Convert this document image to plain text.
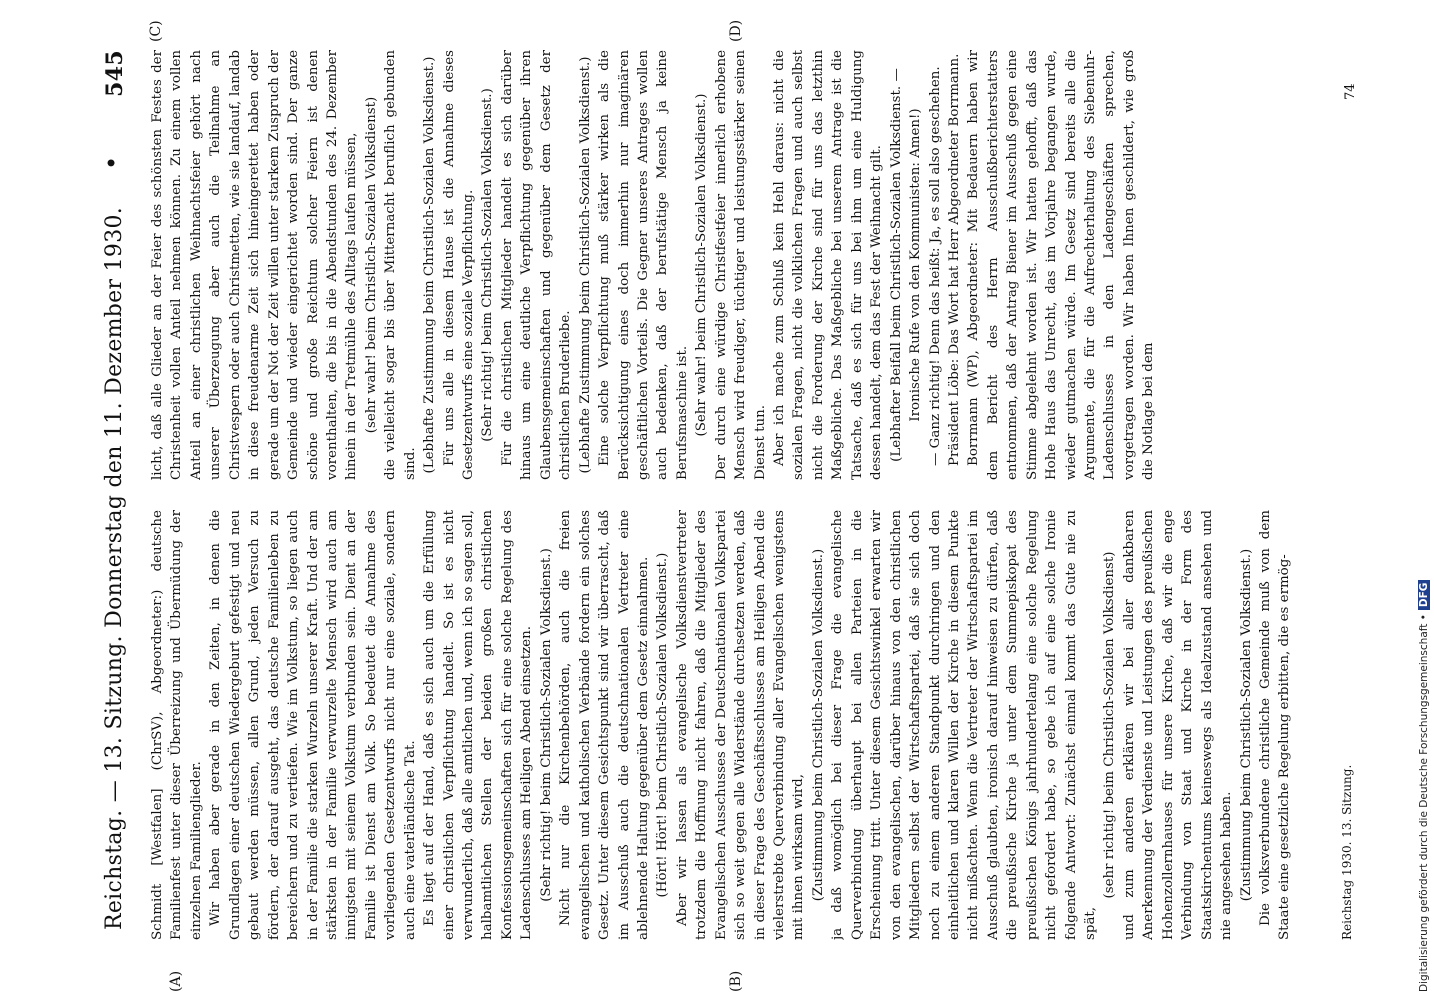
Reichstag. — 13. Sitzung. Donnerstag den 11. Dezember 1930.
•
545
(A)	(B)
(C)	(D)

Schmidt [Westfalen] (ChrSV), Abgeordneter:) deutsche Familienfest unter dieser Überreizung und Übermüdung der einzelnen Familienglieder. Wir haben aber gerade in den Zeiten, in denen die Grundlagen einer deutschen Wiedergeburt gefestigt und neu gebaut werden müssen, allen Grund, jeden Versuch zu fördern, der darauf ausgeht, das deutsche Familienleben zu bereichern und zu vertiefen. Wie im Volkstum, so liegen auch in der Familie die starken Wurzeln unserer Kraft. Und der am stärksten in der Familie verwurzelte Mensch wird auch am innigsten mit seinem Volkstum verbunden sein. Dient an der Familie ist Dienst am Volk. So bedeutet die Annahme des vorliegenden Gesetzentwurfs nicht nur eine soziale, sondern auch eine vaterländische Tat. Es liegt auf der Hand, daß es sich auch um die Erfüllung einer christlichen Verpflichtung handelt. So ist es nicht verwunderlich, daß alle amtlichen und, wenn ich so sagen soll, halbamtlichen Stellen der beiden großen christlichen Konfessionsgemeinschaften sich für eine solche Regelung des Ladenschlusses am Heiligen Abend einsetzen. (Sehr richtig! beim Christlich-Sozialen Volksdienst.) Nicht nur die Kirchenbehörden, auch die freien evangelischen und katholischen Verbände fordern ein solches Gesetz. Unter diesem Gesichtspunkt sind wir überrascht, daß im Ausschuß auch die deutschnationalen Vertreter eine ablehnende Haltung gegenüber dem Gesetz einnahmen. (Hört! Hört! beim Christlich-Sozialen Volksdienst.) Aber wir lassen als evangelische Volksdienstvertreter trotzdem die Hoffnung nicht fahren, daß die Mitglieder des Evangelischen Ausschusses der Deutschnationalen Volkspartei sich so weit gegen alle Widerstände durchsetzen werden, daß in dieser Frage des Geschäftsschlusses am Heiligen Abend die vielerstrebte Querverbindung aller Evangelischen wenigstens mit ihnen wirksam wird, (Zustimmung beim Christlich-Sozialen Volksdienst.) ja daß womöglich bei dieser Frage die evangelische Querverbindung überhaupt bei allen Parteien in die Erscheinung tritt. Unter diesem Gesichtswinkel erwarten wir von den evangelischen, darüber hinaus von den christlichen Mitgliedern selbst der Wirtschaftspartei, daß sie sich doch noch zu einem anderen Standpunkt durchringen und den einheitlichen und klaren Willen der Kirche in diesem Punkte nicht mißachten. Wenn die Vertreter der Wirtschaftspartei im Ausschuß glaubten, ironisch darauf hinweisen zu dürfen, daß die preußische Kirche ja unter dem Summepiskopat des preußischen Königs jahrhundertelang eine solche Regelung nicht gefordert habe, so gebe ich auf eine solche Ironie folgende Antwort: Zunächst einmal kommt das Gute nie zu spät,

(sehr richtig! beim Christlich-Sozialen Volksdienst) und zum anderen erklären wir bei aller dankbaren Anerkennung der Verdienste und Leistungen des preußischen Hohenzollernhauses für unsere Kirche, daß wir die enge Verbindung von Staat und Kirche in der Form des Staatskirchentums keineswegs als Idealzustand ansehen und nie angesehen haben. (Zustimmung beim Christlich-Sozialen Volksdienst.) Die volksverbundene christliche Gemeinde muß von dem Staate eine gesetzliche Regelung erbitten, die es ermög-

licht, daß alle Glieder an der Feier des schönsten Festes der Christenheit vollen Anteil nehmen können. Zu einem vollen Anteil an einer christlichen Weihnachtsfeier gehört nach unserer Überzeugung aber auch die Teilnahme an Christvespern oder auch Christmetten, wie sie landauf, landab in diese freudenarme Zeit sich hineingerettet haben oder gerade um der Not der Zeit willen unter starkem Zuspruch der Gemeinde und wieder eingerichtet worden sind. Der ganze schöne und große Reichtum solcher Feiern ist denen vorenthalten, die bis in die Abendstunden des 24. Dezember hinein in der Tretmühle des Alltags laufen müssen, (sehr wahr! beim Christlich-Sozialen Volksdienst) die vielleicht sogar bis über Mitternacht beruflich gebunden sind. (Lebhafte Zustimmung beim Christlich-Sozialen Volksdienst.) Für uns alle in diesem Hause ist die Annahme dieses Gesetzentwurfs eine soziale Verpflichtung. (Sehr richtig! beim Christlich-Sozialen Volksdienst.) Für die christlichen Mitglieder handelt es sich darüber hinaus um eine deutliche Verpflichtung gegenüber ihren Glaubensgemeinschaften und gegenüber dem Gesetz der christlichen Bruderliebe. (Lebhafte Zustimmung beim Christlich-Sozialen Volksdienst.) Eine solche Verpflichtung muß stärker wirken als die Berücksichtigung eines doch immerhin nur imaginären geschäftlichen Vorteils. Die Gegner unseres Antrages wollen auch bedenken, daß der berufstätige Mensch ja keine Berufsmaschine ist. (Sehr wahr! beim Christlich-Sozialen Volksdienst.) Der durch eine würdige Christfestfeier innerlich erhobene Mensch wird freudiger, tüchtiger und leistungsstärker seinen Dienst tun. Aber ich mache zum Schluß kein Hehl daraus: nicht die sozialen Fragen, nicht die volklichen Fragen und auch selbst nicht die Forderung der Kirche sind für uns das letzthin Maßgebliche. Das Maßgebliche bei unserem Antrage ist die Tatsache, daß es sich für uns bei ihm um eine Huldigung dessen handelt, dem das Fest der Weihnacht gilt. (Lebhafter Beifall beim Christlich-Sozialen Volksdienst. — Ironische Rufe von den Kommunisten: Amen!) — Ganz richtig! Denn das heißt: Ja, es soll also geschehen. Präsident Löbe: Das Wort hat Herr Abgeordneter Borrmann. Borrmann (WP), Abgeordneter: Mit Bedauern haben wir dem Bericht des Herrn Ausschußberichterstatters entnommen, daß der Antrag Biener im Ausschuß gegen eine Stimme abgelehnt worden ist. Wir hatten gehofft, daß das Hohe Haus das Unrecht, das im Vorjahre begangen wurde, wieder gutmachen würde. Im Gesetz sind bereits alle die Argumente, die für die Aufrechterhaltung des Siebenuhr-Ladenschlusses in den Ladengeschäften sprechen, vorgetragen worden. Wir haben Ihnen geschildert, wie groß die Notlage bei dem

Reichstag 1930. 13. Sitzung.
74
Digitalisierung gefördert durch die Deutsche Forschungsgemeinschaft •DFG
